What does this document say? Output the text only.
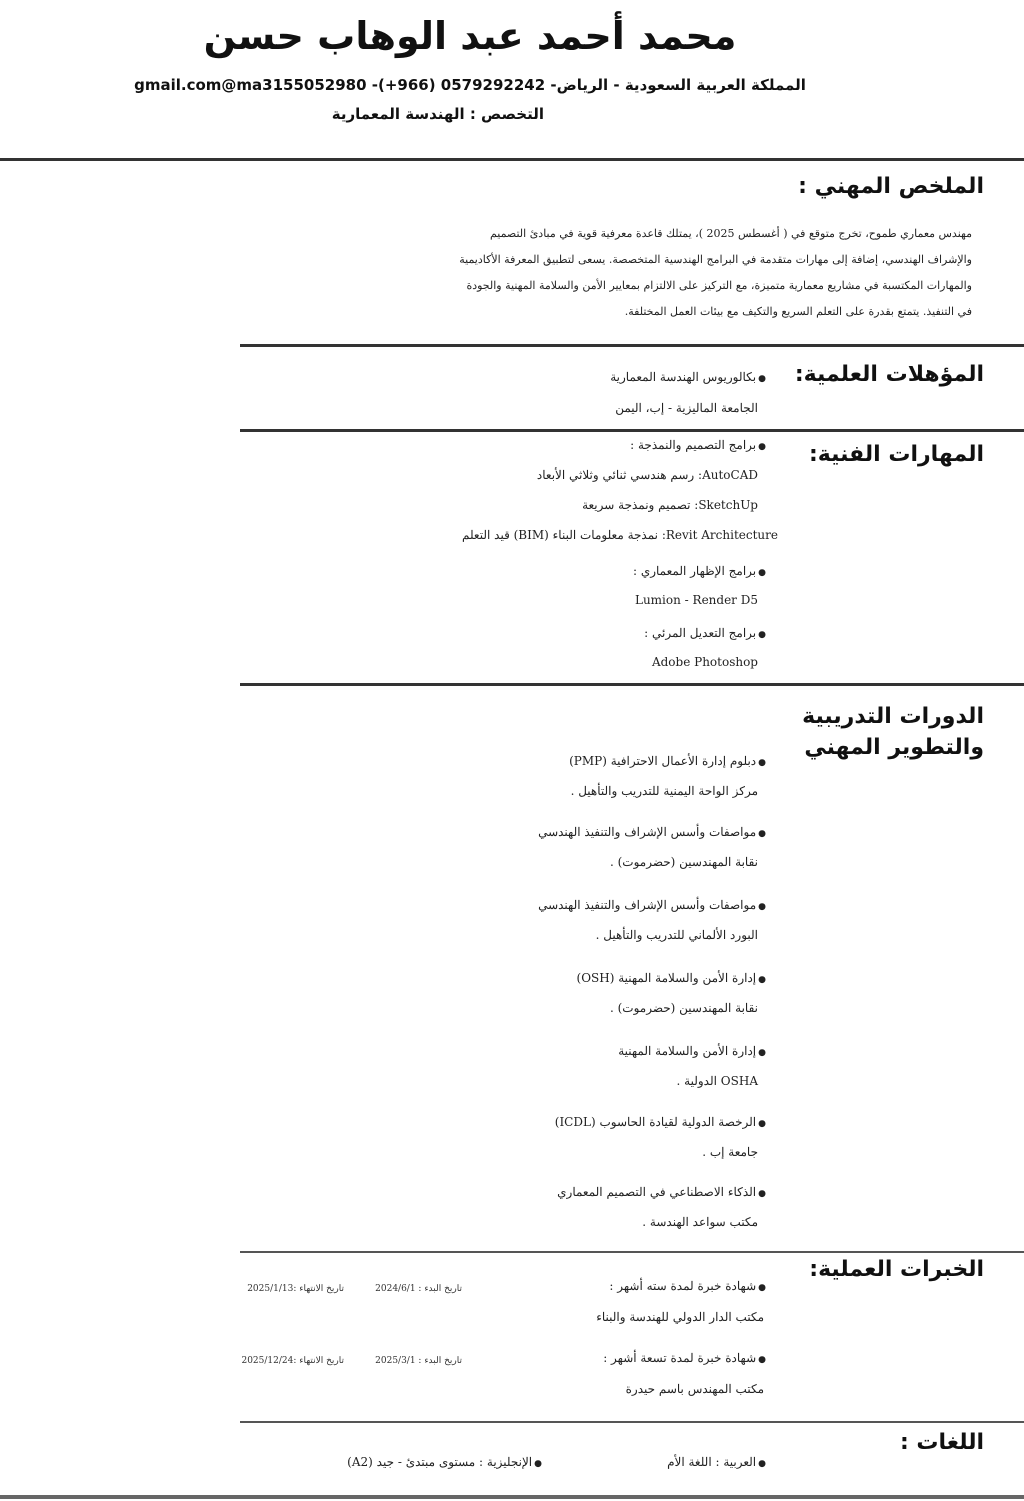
محمد أحمد عبد الوهاب حسن
المملكة العربية السعودية - الرياض- 0579292242 (966+)- gmail.com@ma3155052980
التخصص : الهندسة المعمارية
الملخص المهني :
مهندس معماري طموح، تخرج متوقع في ( أغسطس 2025 )، يمتلك قاعدة معرفية قوية في مبادئ التصميم
والإشراف الهندسي، إضافة إلى مهارات متقدمة في البرامج الهندسية المتخصصة. يسعى لتطبيق المعرفة الأكاديمية
والمهارات المكتسبة في مشاريع معمارية متميزة، مع التركيز على الالتزام بمعايير الأمن والسلامة المهنية والجودة
في التنفيذ. يتمتع بقدرة على التعلم السريع والتكيف مع بيئات العمل المختلفة.
المؤهلات العلمية:
● بكالوريوس الهندسة المعمارية
الجامعة الماليزية - إب، اليمن
المهارات الفنية:
● برامج التصميم والنمذجة :
AutoCAD: رسم هندسي ثنائي وثلاثي الأبعاد
SketchUp: تصميم ونمذجة سريعة
Revit Architecture: نمذجة معلومات البناء (BIM) قيد التعلم
● برامج الإظهار المعماري :
Lumion - Render D5
● برامج التعديل المرئي :
Adobe Photoshop
الدورات التدريبية
والتطوير المهني
● دبلوم إدارة الأعمال الاحترافية (PMP)
مركز الواحة اليمنية للتدريب والتأهيل .
● مواصفات وأسس الإشراف والتنفيذ الهندسي
نقابة المهندسين (حضرموت) .
● مواصفات وأسس الإشراف والتنفيذ الهندسي
البورد الألماني للتدريب والتأهيل .
● إدارة الأمن والسلامة المهنية (OSH)
نقابة المهندسين (حضرموت) .
● إدارة الأمن والسلامة المهنية
OSHA الدولية .
● الرخصة الدولية لقيادة الحاسوب (ICDL)
جامعة إب .
● الذكاء الاصطناعي في التصميم المعماري
مكتب سواعد الهندسة .
الخبرات العملية:
● شهادة خبرة لمدة سته أشهر :
تاريخ البدء : 2024/6/1
تاريخ الانتهاء :2025/1/13
مكتب الدار الدولي للهندسة والبناء
● شهادة خبرة لمدة تسعة أشهر :
تاريخ البدء : 2025/3/1
تاريخ الانتهاء :2025/12/24
مكتب المهندس باسم حيدرة
اللغات :
● العربية : اللغة الأم
● الإنجليزية : مستوى مبتدئ - جيد (A2)
